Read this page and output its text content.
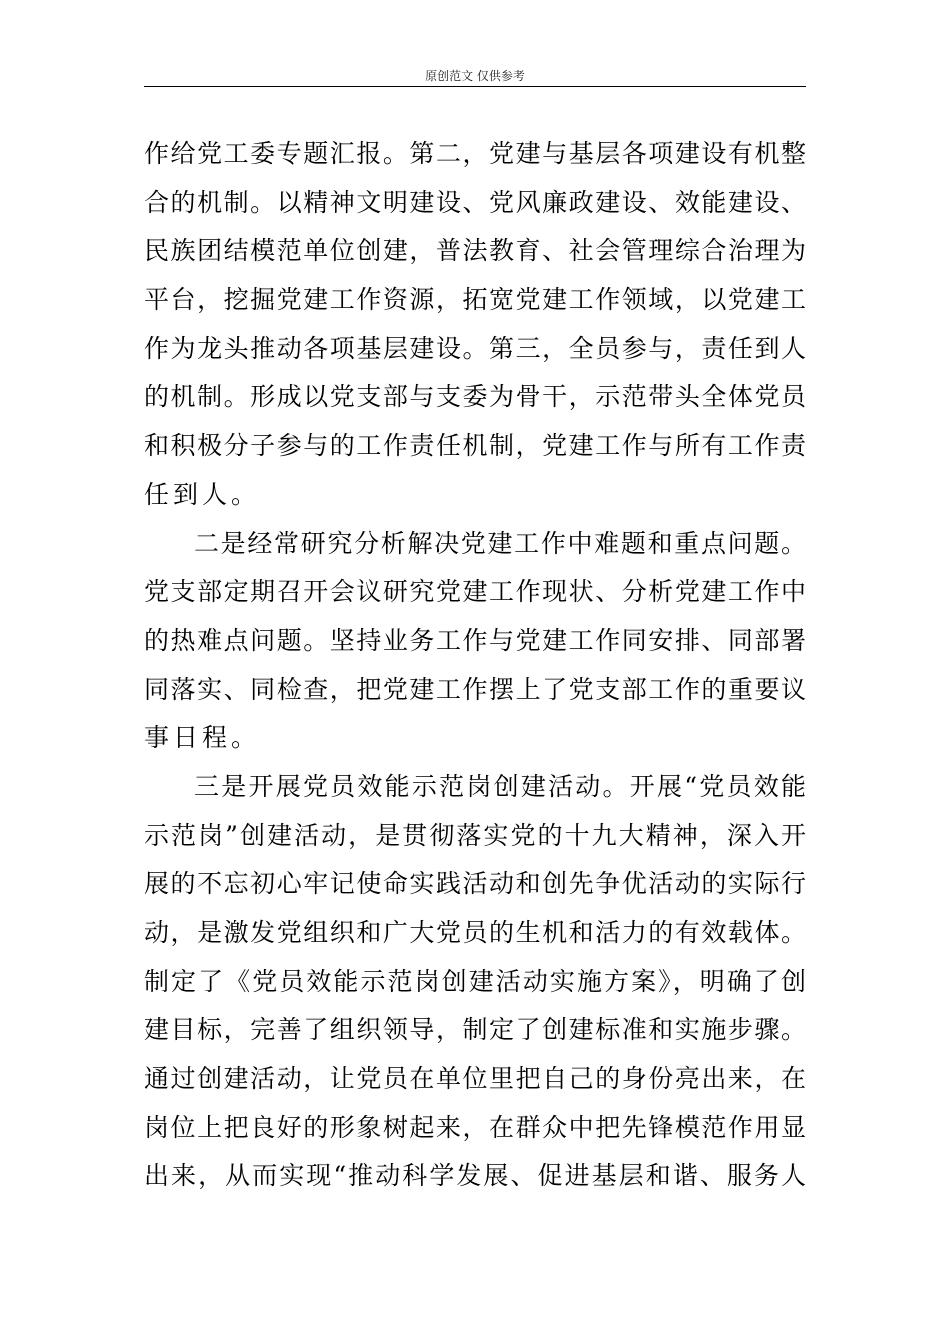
原创范文 仅供参考
作给党工委专题汇报。第二，党建与基层各项建设有机整
合的机制。以精神文明建设、党风廉政建设、效能建设、
民族团结模范单位创建，普法教育、社会管理综合治理为
平台，挖掘党建工作资源，拓宽党建工作领域，以党建工
作为龙头推动各项基层建设。第三，全员参与，责任到人
的机制。形成以党支部与支委为骨干，示范带头全体党员
和积极分子参与的工作责任机制，党建工作与所有工作责
任到人。
二是经常研究分析解决党建工作中难题和重点问题。
党支部定期召开会议研究党建工作现状、分析党建工作中
的热难点问题。坚持业务工作与党建工作同安排、同部署
同落实、同检查，把党建工作摆上了党支部工作的重要议
事日程。
三是开展党员效能示范岗创建活动。开展“党员效能
示范岗”创建活动，是贯彻落实党的十九大精神，深入开
展的不忘初心牢记使命实践活动和创先争优活动的实际行
动，是激发党组织和广大党员的生机和活力的有效载体。
制定了《党员效能示范岗创建活动实施方案》，明确了创
建目标，完善了组织领导，制定了创建标准和实施步骤。
通过创建活动，让党员在单位里把自己的身份亮出来，在
岗位上把良好的形象树起来，在群众中把先锋模范作用显
出来，从而实现“推动科学发展、促进基层和谐、服务人
